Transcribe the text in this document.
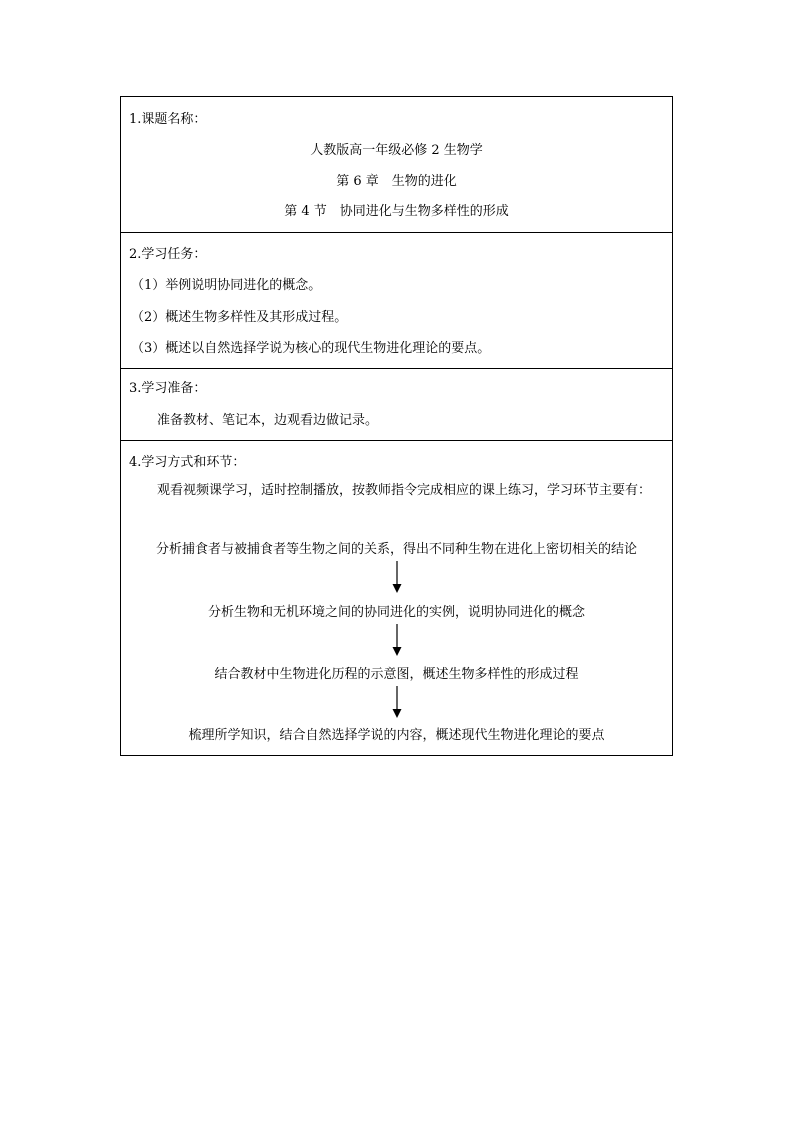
1.课题名称：
人教版高一年级必修 2 生物学
第 6 章　生物的进化
第 4 节　协同进化与生物多样性的形成
2.学习任务：
（1）举例说明协同进化的概念。
（2）概述生物多样性及其形成过程。
（3）概述以自然选择学说为核心的现代生物进化理论的要点。
3.学习准备：
准备教材、笔记本，边观看边做记录。
4.学习方式和环节：
观看视频课学习，适时控制播放，按教师指令完成相应的课上练习，学习环节主要有：
分析捕食者与被捕食者等生物之间的关系，得出不同种生物在进化上密切相关的结论
分析生物和无机环境之间的协同进化的实例，说明协同进化的概念
结合教材中生物进化历程的示意图，概述生物多样性的形成过程
梳理所学知识，结合自然选择学说的内容，概述现代生物进化理论的要点
